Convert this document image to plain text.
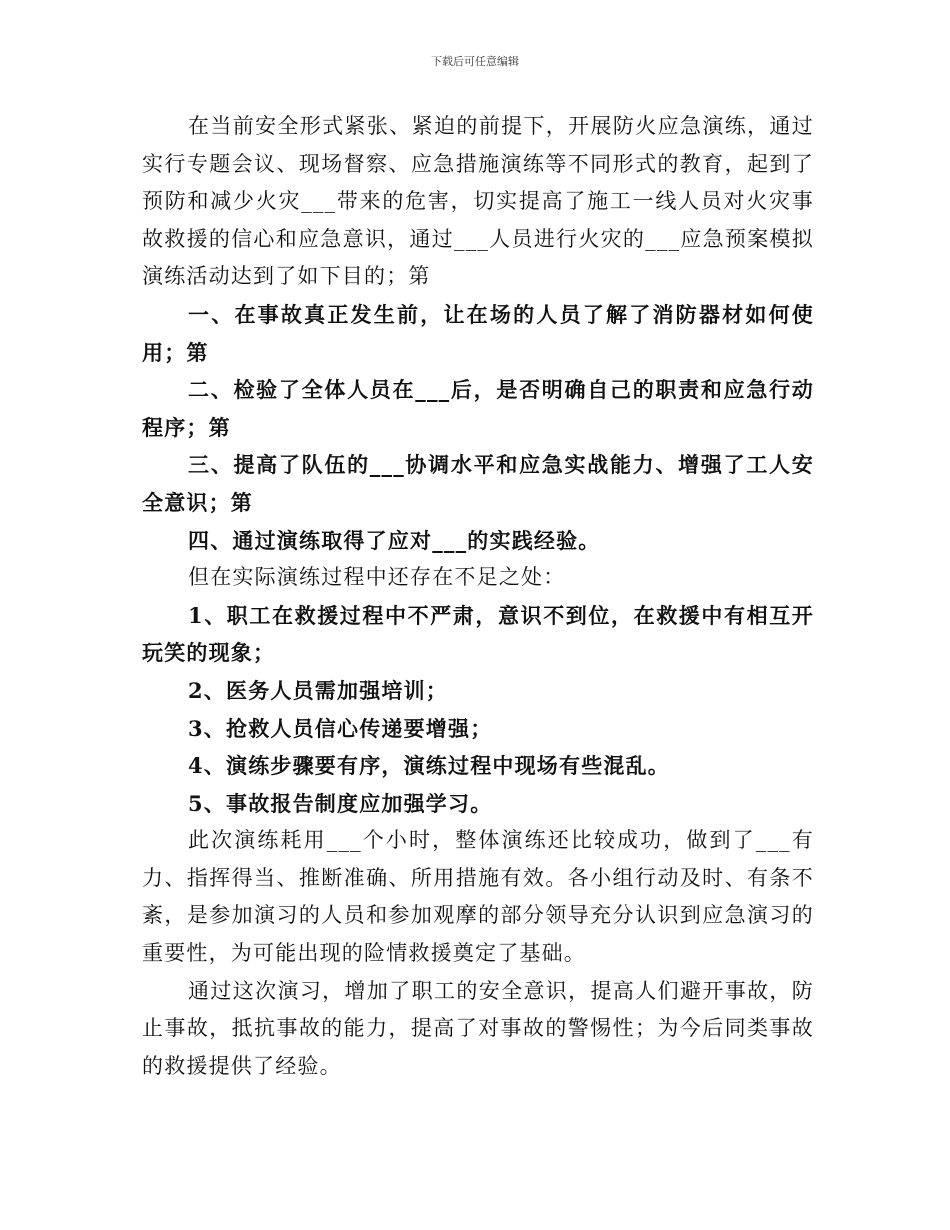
下载后可任意编辑

在当前安全形式紧张、紧迫的前提下，开展防火应急演练，通过实行专题会议、现场督察、应急措施演练等不同形式的教育，起到了预防和减少火灾___带来的危害，切实提高了施工一线人员对火灾事故救援的信心和应急意识，通过___人员进行火灾的___应急预案模拟演练活动达到了如下目的；第

一、在事故真正发生前，让在场的人员了解了消防器材如何使用；第

二、检验了全体人员在___后，是否明确自己的职责和应急行动程序；第

三、提高了队伍的___协调水平和应急实战能力、增强了工人安全意识；第

四、通过演练取得了应对___的实践经验。

但在实际演练过程中还存在不足之处：

1、职工在救援过程中不严肃，意识不到位，在救援中有相互开玩笑的现象；

2、医务人员需加强培训；

3、抢救人员信心传递要增强；

4、演练步骤要有序，演练过程中现场有些混乱。

5、事故报告制度应加强学习。

此次演练耗用___个小时，整体演练还比较成功，做到了___有力、指挥得当、推断准确、所用措施有效。各小组行动及时、有条不紊，是参加演习的人员和参加观摩的部分领导充分认识到应急演习的重要性，为可能出现的险情救援奠定了基础。

通过这次演习，增加了职工的安全意识，提高人们避开事故，防止事故，抵抗事故的能力，提高了对事故的警惕性；为今后同类事故的救援提供了经验。
